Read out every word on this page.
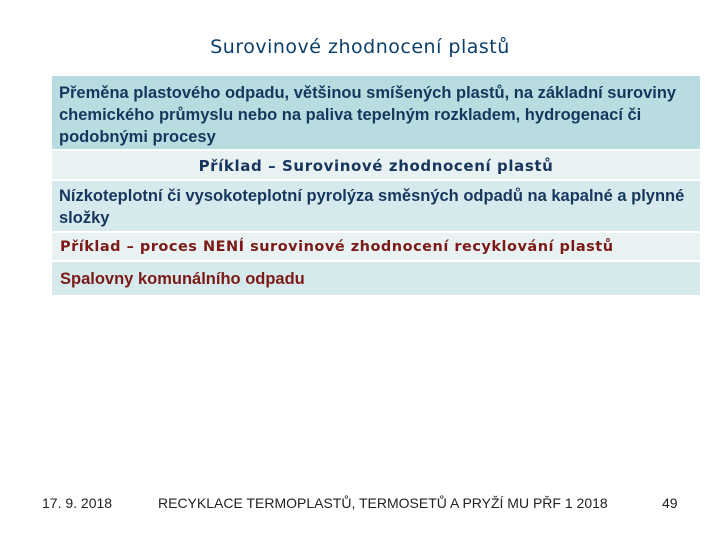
Surovinové zhodnocení plastů
Přeměna plastového odpadu, většinou smíšených plastů, na základní suroviny chemického průmyslu nebo na paliva tepelným rozkladem, hydrogenací či podobnými procesy
Příklad – Surovinové zhodnocení plastů
Nízkoteplotní či vysokoteplotní pyrolýza směsných odpadů na kapalné a plynné složky
Příklad – proces NENÍ surovinové zhodnocení recyklování plastů
Spalovny komunálního odpadu
17. 9. 2018	RECYKLACE TERMOPLASTŮ, TERMOSETŮ A PRYŽÍ MU PŘF 1 2018	49
